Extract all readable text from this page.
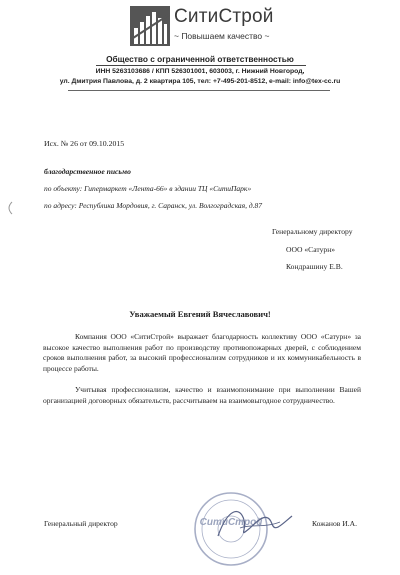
СитиСтрой
~ Повышаем качество ~
Общество с ограниченной ответственностью
ИНН 5263103686 / КПП 526301001, 603003, г. Нижний Новгород,
ул. Дмитрия Павлова, д. 2 квартира 105, тел: +7-495-201-8512, e-mail: info@tex-cc.ru
Исх. № 26 от 09.10.2015
благодарственное письмо
по объекту: Гипермаркет «Лента-66» в здании ТЦ «СитиПарк»
по адресу: Республика Мордовия, г. Саранск, ул. Волгоградская, д.87
Генеральному директору
ООО «Сатурн»
Кондрашину Е.В.
Уважаемый Евгений Вячеславович!
Компания ООО «СитиСтрой» выражает благодарность коллективу ООО «Сатурн» за высокое качество выполнения работ по производству противопожарных дверей, с соблюдением сроков выполнения работ, за высокий профессионализм сотрудников и их коммуникабельность в процессе работы.
Учитывая профессионализм, качество и взаимопонимание при выполнении Вашей организацией договорных обязательств, рассчитываем на взаимовыгодное сотрудничество.
Генеральный директор	Кожанов И.А.
СитиСтрой
